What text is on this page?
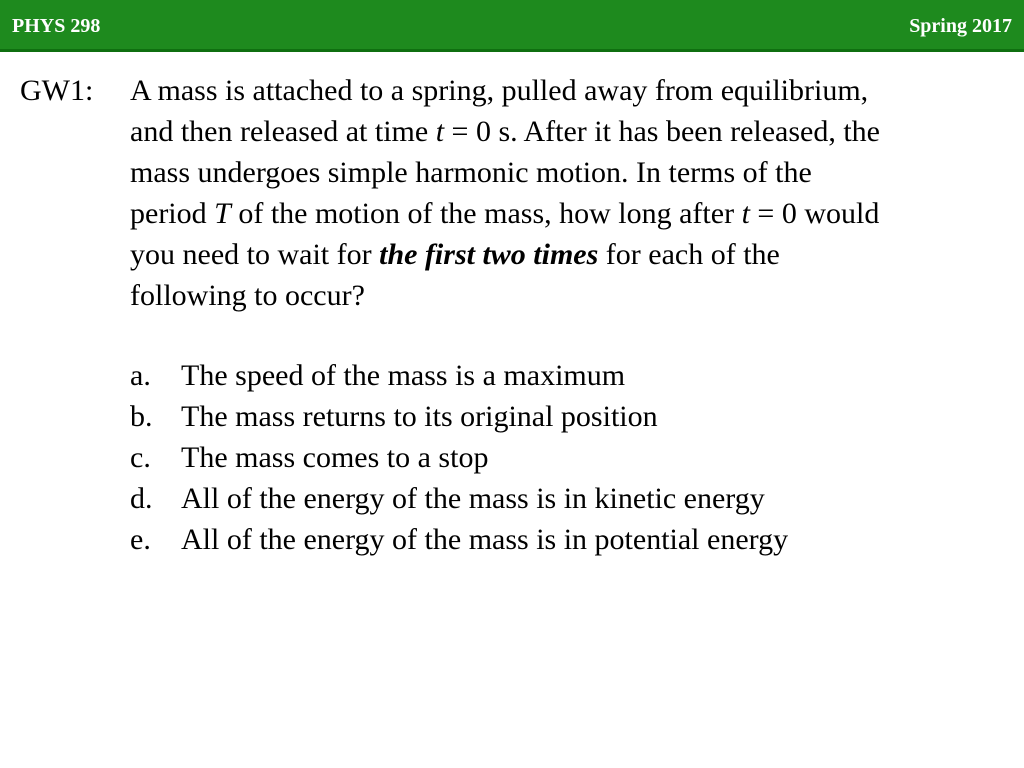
PHYS 298	Spring 2017
GW1: A mass is attached to a spring, pulled away from equilibrium,
and then released at time t = 0 s. After it has been released, the
mass undergoes simple harmonic motion. In terms of the
period T of the motion of the mass, how long after t = 0 would
you need to wait for the first two times for each of the
following to occur?
a.	The speed of the mass is a maximum
b. The mass returns to its original position
c.	The mass comes to a stop
d. All of the energy of the mass is in kinetic energy
e.	All of the energy of the mass is in potential energy
